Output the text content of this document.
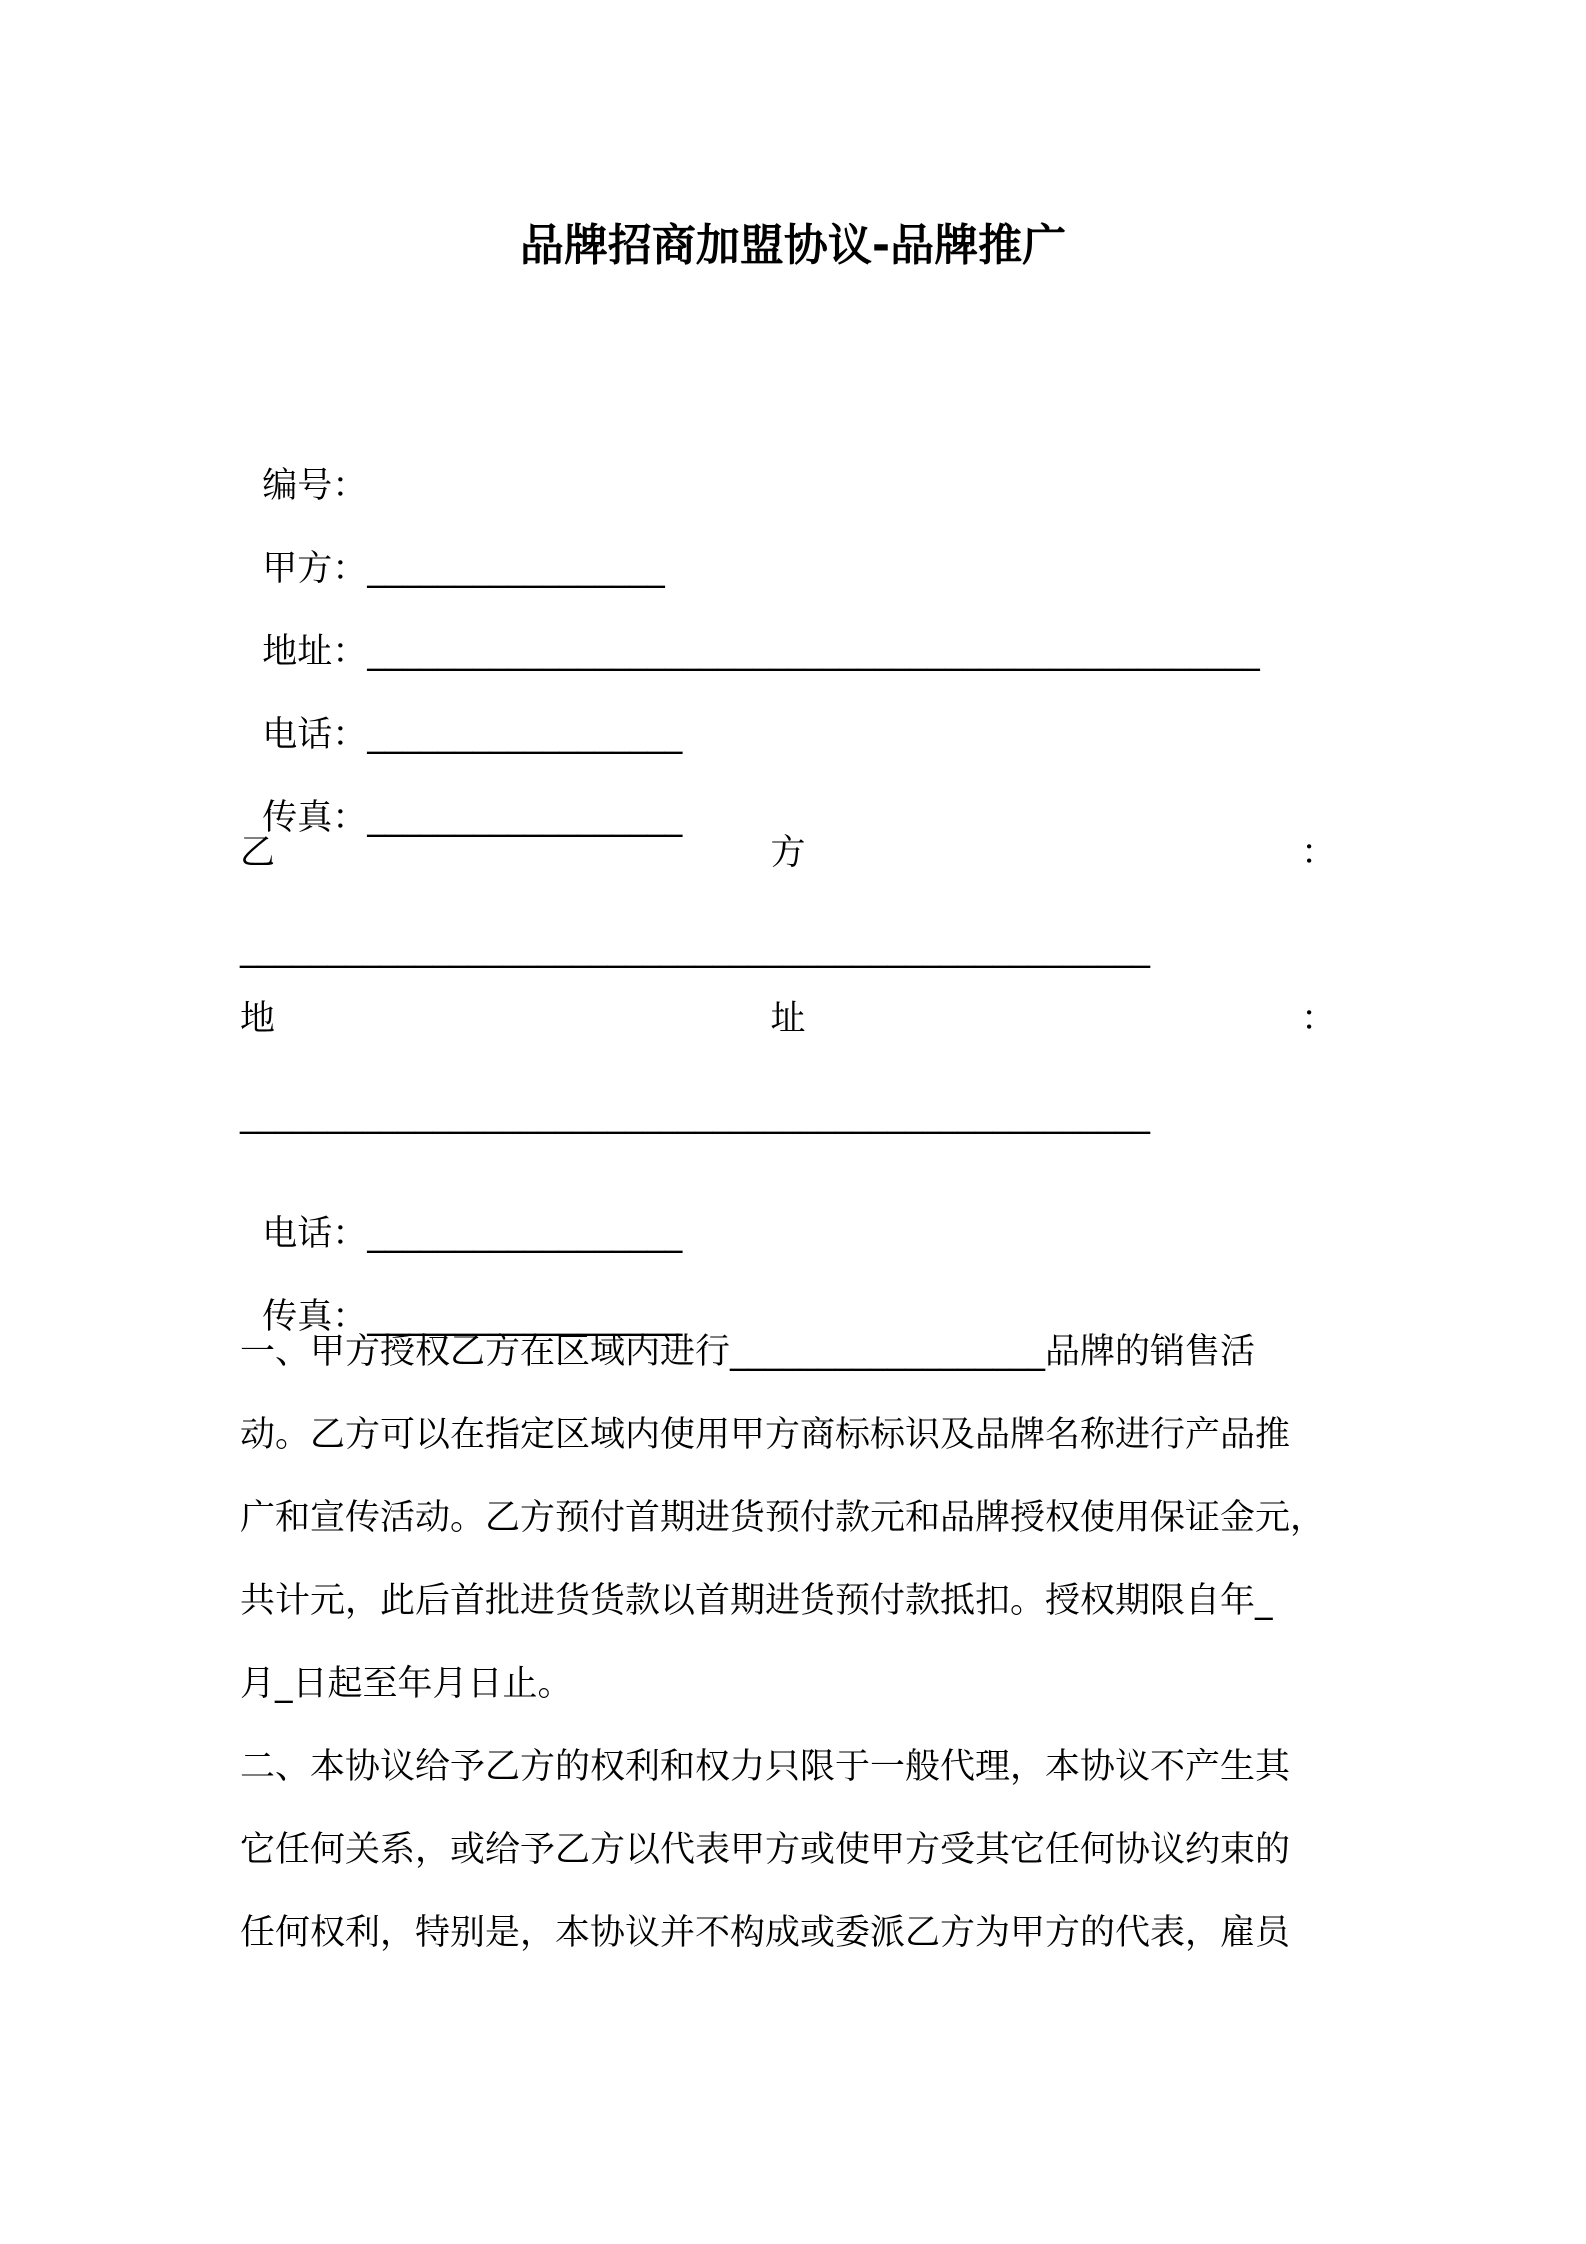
品牌招商加盟协议-品牌推广

编号：

甲方：_________________

地址：___________________________________________________

电话：__________________

传真：__________________

乙	方	：
____________________________________________________
地	址	：
____________________________________________________

电话：__________________

传真：__________________

一、甲方授权乙方在区域内进行__________________品牌的销售活
动。乙方可以在指定区域内使用甲方商标标识及品牌名称进行产品推
广和宣传活动。乙方预付首期进货预付款元和品牌授权使用保证金元，
共计元，此后首批进货货款以首期进货预付款抵扣。授权期限自年_
月_日起至年月日止。
二、本协议给予乙方的权利和权力只限于一般代理，本协议不产生其
它任何关系，或给予乙方以代表甲方或使甲方受其它任何协议约束的
任何权利，特别是，本协议并不构成或委派乙方为甲方的代表，雇员
